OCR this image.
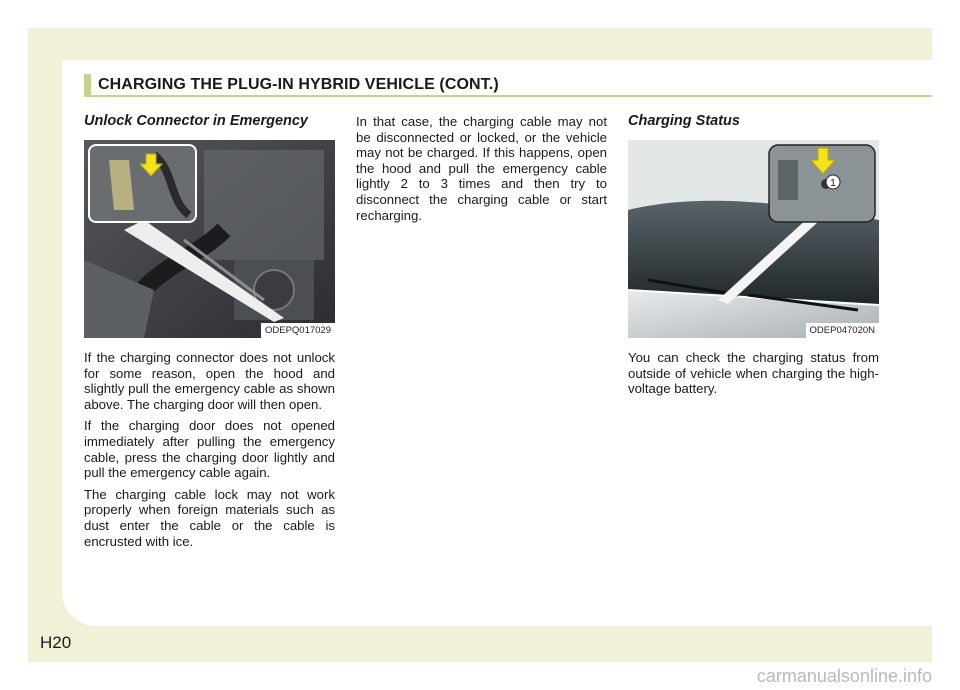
CHARGING THE PLUG-IN HYBRID VEHICLE (CONT.)
Unlock Connector in Emergency
ODEPQ017029

If the charging connector does not unlock for some reason, open the hood and slightly pull the emergency cable as shown above. The charging door will then open.

If the charging door does not opened immediately after pulling the emergency cable, press the charging door lightly and pull the emergency cable again.

The charging cable lock may not work properly when foreign materials such as dust enter the cable or the cable is encrusted with ice.

In that case, the charging cable may not be disconnected or locked, or the vehicle may not be charged. If this happens, open the hood and pull the emergency cable lightly 2 to 3 times and then try to disconnect the charging cable or start recharging.

Charging Status
1
ODEP047020N

You can check the charging status from outside of vehicle when charging the high-voltage battery.

H20
carmanualsonline.info
